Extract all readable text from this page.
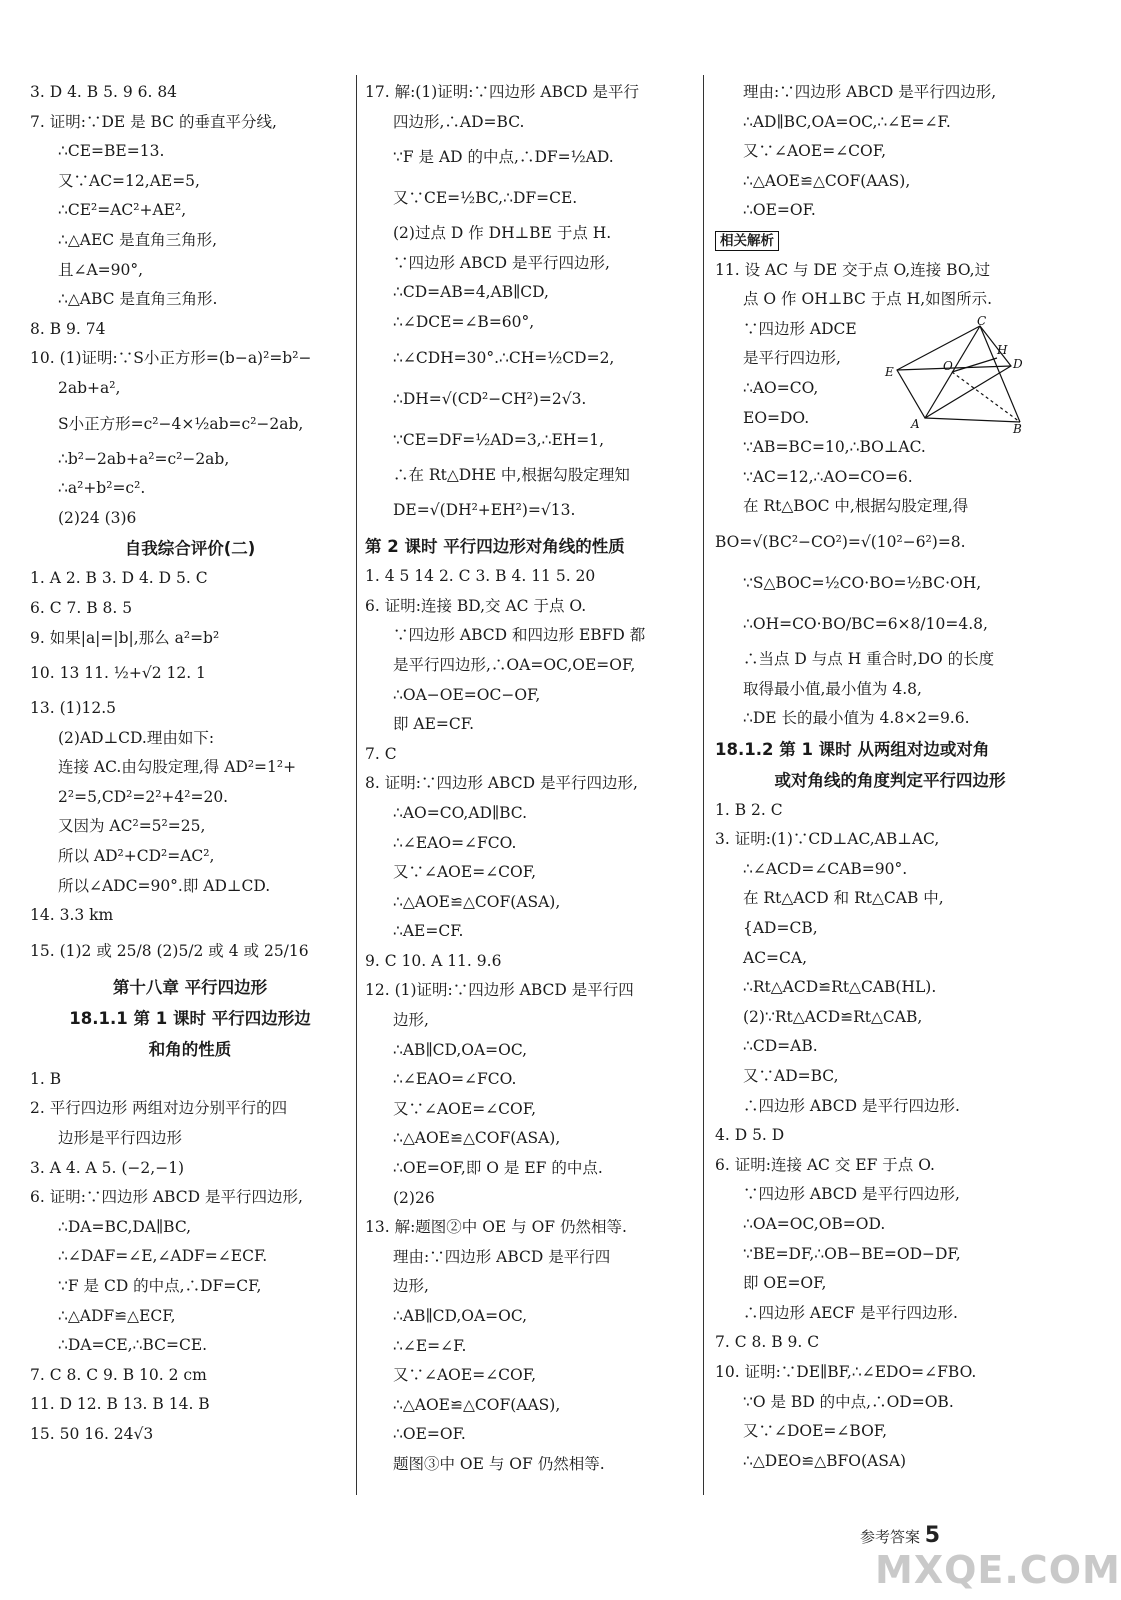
3. D 4. B 5. 9 6. 84
7. 证明:∵DE 是 BC 的垂直平分线,
∴CE=BE=13.
又∵AC=12,AE=5,
∴CE²=AC²+AE²,
∴△AEC 是直角三角形,
且∠A=90°,
∴△ABC 是直角三角形.
8. B 9. 74
10. (1)证明:∵S小正方形=(b−a)²=b²−
2ab+a²,
S小正方形=c²−4×½ab=c²−2ab,
∴b²−2ab+a²=c²−2ab,
∴a²+b²=c².
(2)24 (3)6
自我综合评价(二)
1. A 2. B 3. D 4. D 5. C
6. C 7. B 8. 5
9. 如果|a|=|b|,那么 a²=b²
10. 13 11. ½+√2 12. 1
13. (1)12.5
(2)AD⊥CD.理由如下:
连接 AC.由勾股定理,得 AD²=1²+
2²=5,CD²=2²+4²=20.
又因为 AC²=5²=25,
所以 AD²+CD²=AC²,
所以∠ADC=90°.即 AD⊥CD.
14. 3.3 km
15. (1)2 或 25/8 (2)5/2 或 4 或 25/16
第十八章 平行四边形
18.1.1 第 1 课时 平行四边形边
和角的性质
1. B
2. 平行四边形 两组对边分别平行的四
边形是平行四边形
3. A 4. A 5. (−2,−1)
6. 证明:∵四边形 ABCD 是平行四边形,
∴DA=BC,DA∥BC,
∴∠DAF=∠E,∠ADF=∠ECF.
∵F 是 CD 的中点,∴DF=CF,
∴△ADF≌△ECF,
∴DA=CE,∴BC=CE.
7. C 8. C 9. B 10. 2 cm
11. D 12. B 13. B 14. B
15. 50 16. 24√3
17. 解:(1)证明:∵四边形 ABCD 是平行
四边形,∴AD=BC.
∵F 是 AD 的中点,∴DF=½AD.
又∵CE=½BC,∴DF=CE.
(2)过点 D 作 DH⊥BE 于点 H.
∵四边形 ABCD 是平行四边形,
∴CD=AB=4,AB∥CD,
∴∠DCE=∠B=60°,
∴∠CDH=30°.∴CH=½CD=2,
∴DH=√(CD²−CH²)=2√3.
∵CE=DF=½AD=3,∴EH=1,
∴在 Rt△DHE 中,根据勾股定理知
DE=√(DH²+EH²)=√13.
第 2 课时 平行四边形对角线的性质
1. 4 5 14 2. C 3. B 4. 11 5. 20
6. 证明:连接 BD,交 AC 于点 O.
∵四边形 ABCD 和四边形 EBFD 都
是平行四边形,∴OA=OC,OE=OF,
∴OA−OE=OC−OF,
即 AE=CF.
7. C
8. 证明:∵四边形 ABCD 是平行四边形,
∴AO=CO,AD∥BC.
∴∠EAO=∠FCO.
又∵∠AOE=∠COF,
∴△AOE≌△COF(ASA),
∴AE=CF.
9. C 10. A 11. 9.6
12. (1)证明:∵四边形 ABCD 是平行四
边形,
∴AB∥CD,OA=OC,
∴∠EAO=∠FCO.
又∵∠AOE=∠COF,
∴△AOE≌△COF(ASA),
∴OE=OF,即 O 是 EF 的中点.
(2)26
13. 解:题图②中 OE 与 OF 仍然相等.
理由:∵四边形 ABCD 是平行四
边形,
∴AB∥CD,OA=OC,
∴∠E=∠F.
又∵∠AOE=∠COF,
∴△AOE≌△COF(AAS),
∴OE=OF.
题图③中 OE 与 OF 仍然相等.
理由:∵四边形 ABCD 是平行四边形,
∴AD∥BC,OA=OC,∴∠E=∠F.
又∵∠AOE=∠COF,
∴△AOE≌△COF(AAS),
∴OE=OF.
相关解析
11. 设 AC 与 DE 交于点 O,连接 BO,过
点 O 作 OH⊥BC 于点 H,如图所示.
∵四边形 ADCE
是平行四边形,
∴AO=CO,
EO=DO.
∵AB=BC=10,∴BO⊥AC.
∵AC=12,∴AO=CO=6.
在 Rt△BOC 中,根据勾股定理,得
BO=√(BC²−CO²)=√(10²−6²)=8.
∵S△BOC=½CO·BO=½BC·OH,
∴OH=CO·BO/BC=6×8/10=4.8,
∴当点 D 与点 H 重合时,DO 的长度
取得最小值,最小值为 4.8,
∴DE 长的最小值为 4.8×2=9.6.
18.1.2 第 1 课时 从两组对边或对角
或对角线的角度判定平行四边形
1. B 2. C
3. 证明:(1)∵CD⊥AC,AB⊥AC,
∴∠ACD=∠CAB=90°.
在 Rt△ACD 和 Rt△CAB 中,
{AD=CB,
AC=CA,
∴Rt△ACD≌Rt△CAB(HL).
(2)∵Rt△ACD≌Rt△CAB,
∴CD=AB.
又∵AD=BC,
∴四边形 ABCD 是平行四边形.
4. D 5. D
6. 证明:连接 AC 交 EF 于点 O.
∵四边形 ABCD 是平行四边形,
∴OA=OC,OB=OD.
∵BE=DF,∴OB−BE=OD−DF,
即 OE=OF,
∴四边形 AECF 是平行四边形.
7. C 8. B 9. C
10. 证明:∵DE∥BF,∴∠EDO=∠FBO.
∵O 是 BD 的中点,∴OD=OB.
又∵∠DOE=∠BOF,
∴△DEO≌△BFO(ASA)
C
E	O
H
D
A	B
参考答案 5
MXQE.COM
